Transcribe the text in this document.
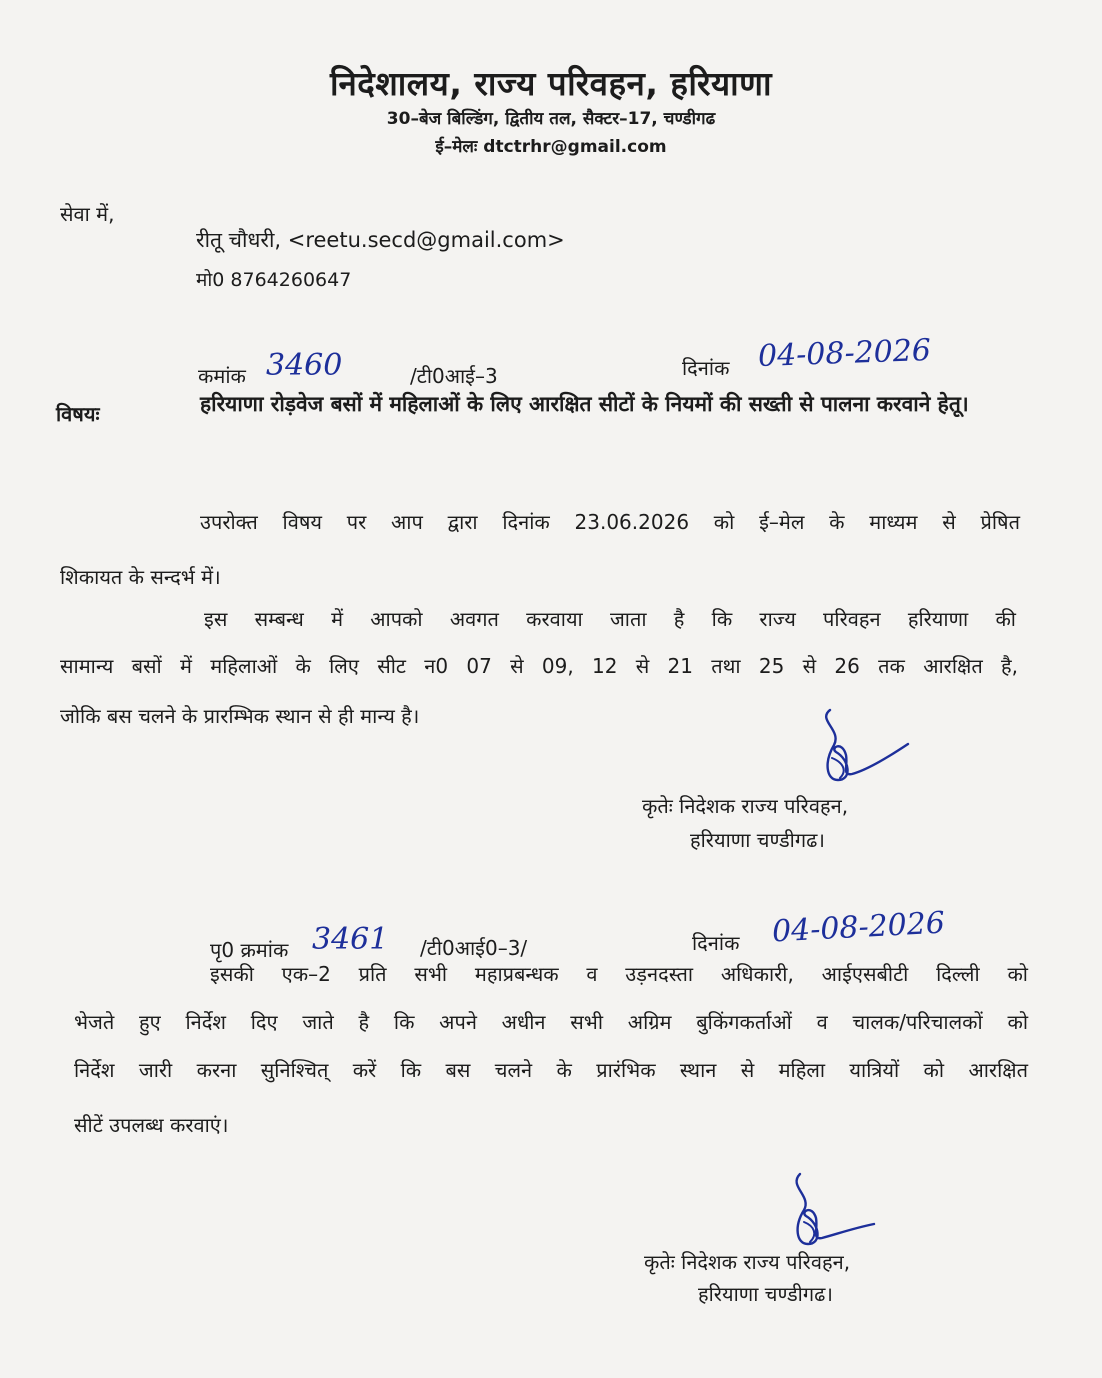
निदेशालय, राज्य परिवहन, हरियाणा
30–बेज बिल्डिंग, द्वितीय तल, सैक्टर–17, चण्डीगढ
ई–मेलः dtctrhr@gmail.com
सेवा में,
रीतू चौधरी, <reetu.secd@gmail.com>
मो0 8764260647
कमांक 3460	/टी0आई–3	दिनांक 04-08-2026
विषयः	हरियाणा रोड़वेज बसों में महिलाओं के लिए आरक्षित सीटों के नियमों की सख्ती से पालना करवाने हेतू।
उपरोक्त विषय पर आप द्वारा दिनांक 23.06.2026 को ई–मेल के माध्यम से प्रेषित
शिकायत के सन्दर्भ में।
इस सम्बन्ध में आपको अवगत करवाया जाता है कि राज्य परिवहन हरियाणा की
सामान्य बसों में महिलाओं के लिए सीट न0 07 से 09, 12 से 21 तथा 25 से 26 तक आरक्षित है,
जोकि बस चलने के प्रारम्भिक स्थान से ही मान्य है।
कृतेः निदेशक राज्य परिवहन,
हरियाणा चण्डीगढ।
पृ0 क्रमांक 3461 /टी0आई0–3/	दिनांक 04-08-2026
इसकी एक–2 प्रति सभी महाप्रबन्धक व उड़नदस्ता अधिकारी, आईएसबीटी दिल्ली को
भेजते हुए निर्देश दिए जाते है कि अपने अधीन सभी अग्रिम बुकिंगकर्ताओं व चालक/परिचालकों को
निर्देश जारी करना सुनिश्चित् करें कि बस चलने के प्रारंभिक स्थान से महिला यात्रियों को आरक्षित
सीटें उपलब्ध करवाएं।
कृतेः निदेशक राज्य परिवहन,
हरियाणा चण्डीगढ।
